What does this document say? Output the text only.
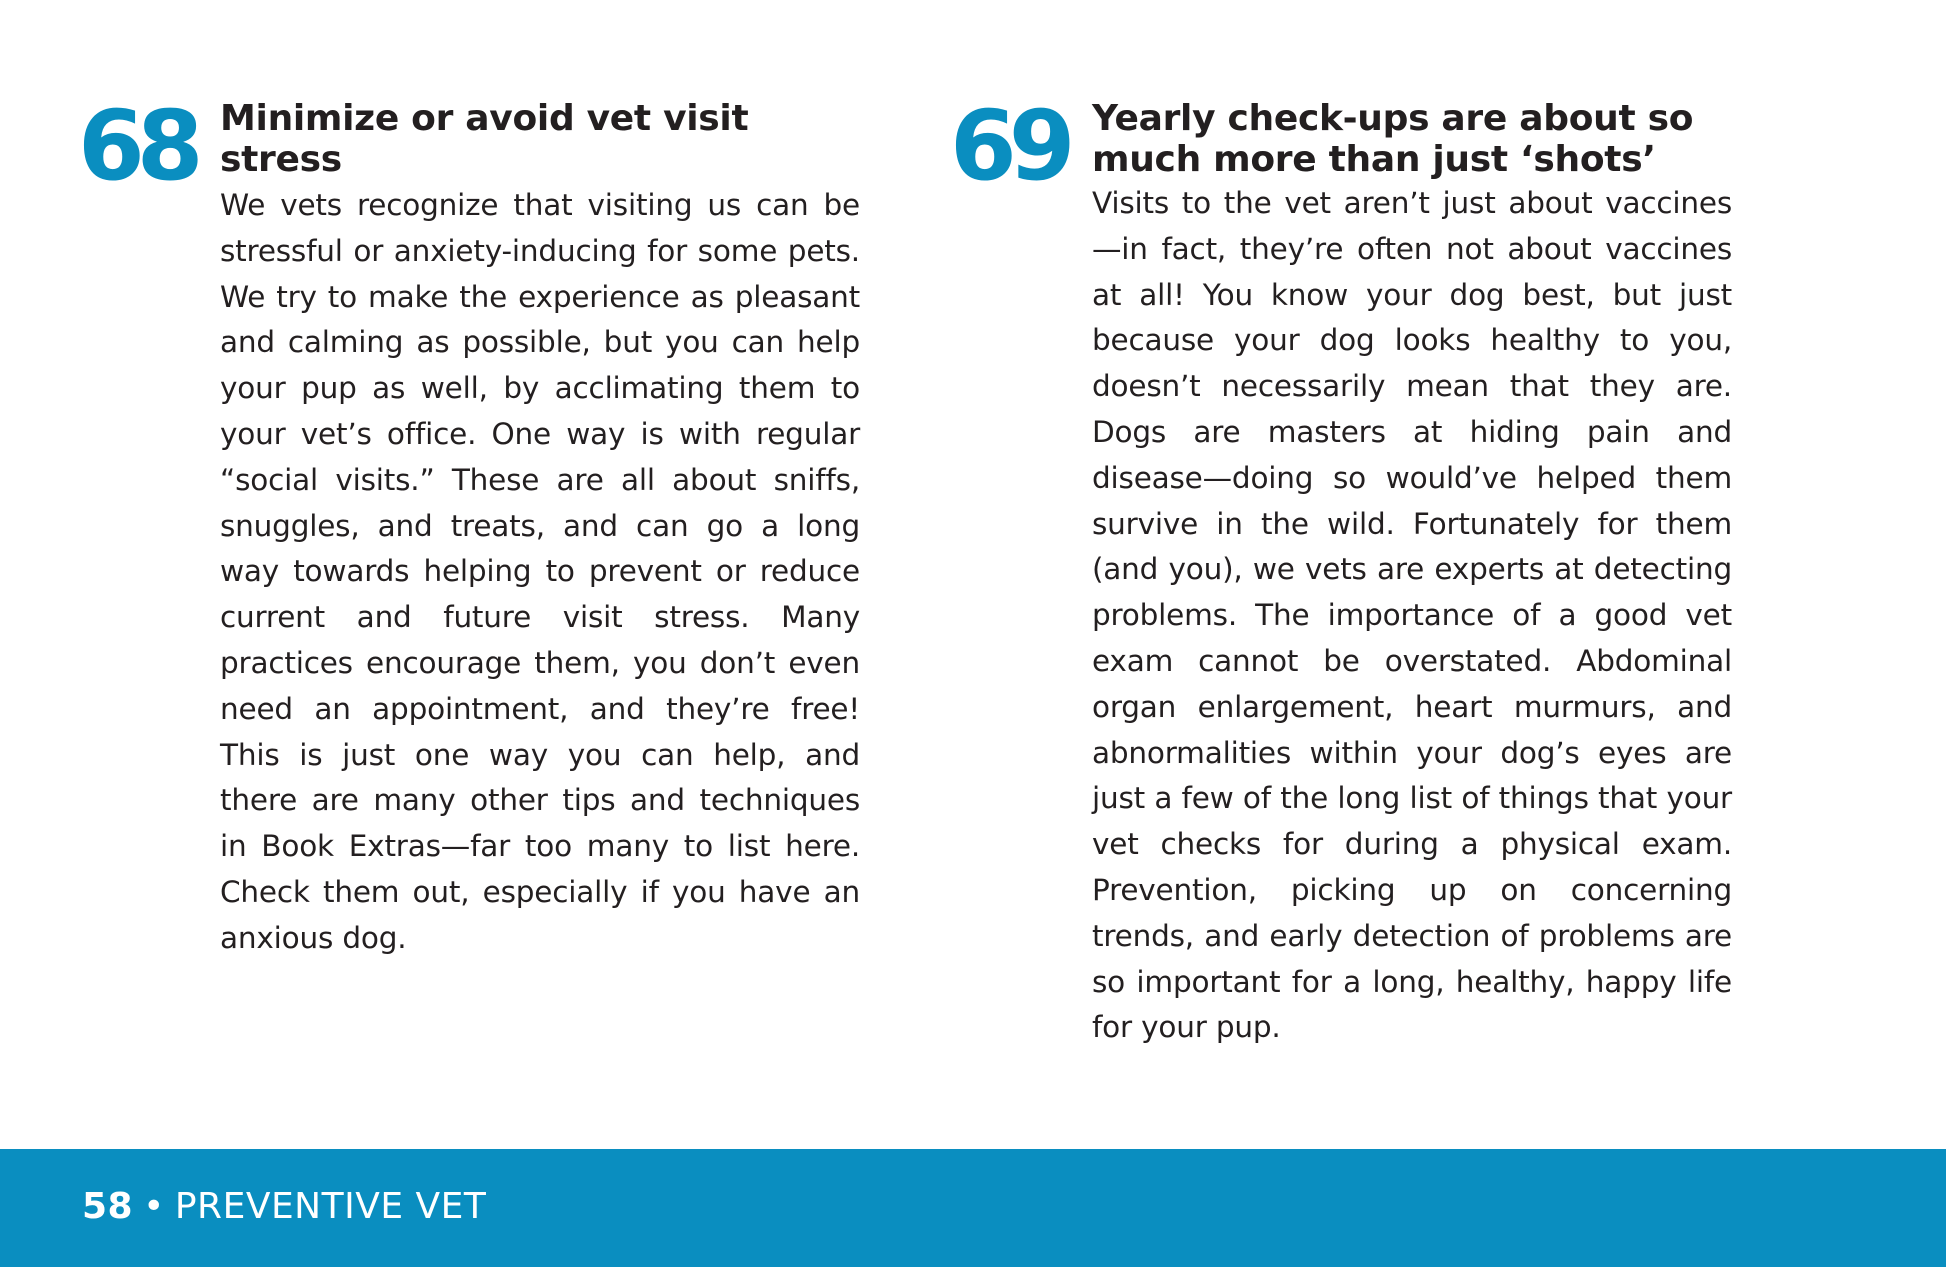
68 Minimize or avoid vet visit stress

We vets recognize that visiting us can be stressful or anxiety-inducing for some pets. We try to make the experience as pleasant and calming as possible, but you can help your pup as well, by acclimating them to your vet’s office. One way is with regular “social visits.” These are all about sniffs, snuggles, and treats, and can go a long way towards helping to prevent or reduce current and future visit stress. Many practices encourage them, you don’t even need an appointment, and they’re free! This is just one way you can help, and there are many other tips and techniques in Book Extras—far too many to list here. Check them out, especially if you have an anxious dog.

69 Yearly check-ups are about so much more than just ‘shots’

Visits to the vet aren’t just about vaccines—in fact, they’re often not about vaccines at all! You know your dog best, but just because your dog looks healthy to you, doesn’t necessarily mean that they are. Dogs are masters at hiding pain and disease—doing so would’ve helped them survive in the wild. Fortunately for them (and you), we vets are experts at detecting problems. The importance of a good vet exam cannot be overstated. Abdominal organ enlargement, heart murmurs, and abnormalities within your dog’s eyes are just a few of the long list of things that your vet checks for during a physical exam. Prevention, picking up on concerning trends, and early detection of problems are so important for a long, healthy, happy life for your pup.

58 • PREVENTIVE VET
